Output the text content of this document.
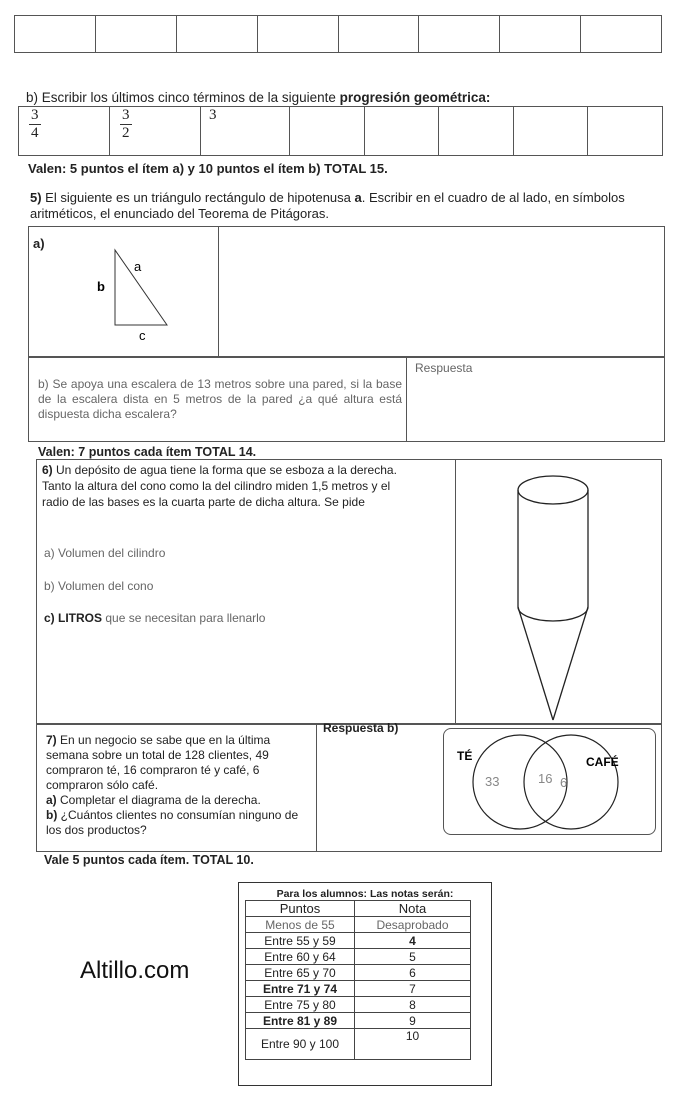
b) Escribir los últimos cinco términos de la siguiente progresión geométrica:
$\frac{3}{4}$	$\frac{3}{2}$	3					
Valen: 5 puntos el ítem a) y 10 puntos el ítem b) TOTAL 15.
5) El siguiente es un triángulo rectángulo de hipotenusa a. Escribir en el cuadro de al lado, en símbolos aritméticos, el enunciado del Teorema de Pitágoras.
a)
a
b
c
b) Se apoya una escalera de 13 metros sobre una pared, si la base de la escalera dista en 5 metros de la pared ¿a qué altura está dispuesta dicha escalera?
Respuesta
Valen: 7 puntos cada ítem TOTAL 14.
6) Un depósito de agua tiene la forma que se esboza a la derecha. Tanto la altura del cono como la del cilindro miden 1,5 metros y el radio de las bases es la cuarta parte de dicha altura. Se pide
a) Volumen del cilindro
b) Volumen del cono
c) LITROS que se necesitan para llenarlo
7) En un negocio se sabe que en la última semana sobre un total de 128 clientes, 49 compraron té, 16 compraron té y café, 6 compraron sólo café.
a) Completar el diagrama de la derecha.
b) ¿Cuántos clientes no consumían ninguno de los dos productos?
Respuesta b)
TÉ	CAFÉ
33	16 6
Vale 5 puntos cada ítem. TOTAL 10.
Para los alumnos: Las notas serán:
Puntos	Nota
Menos de 55	Desaprobado
Entre 55 y 59	4
Entre 60 y 64	5
Entre 65 y 70	6
Entre 71 y 74	7
Entre 75 y 80	8
Entre 81 y 89	9
Entre 90 y 100	10
Altillo.com
